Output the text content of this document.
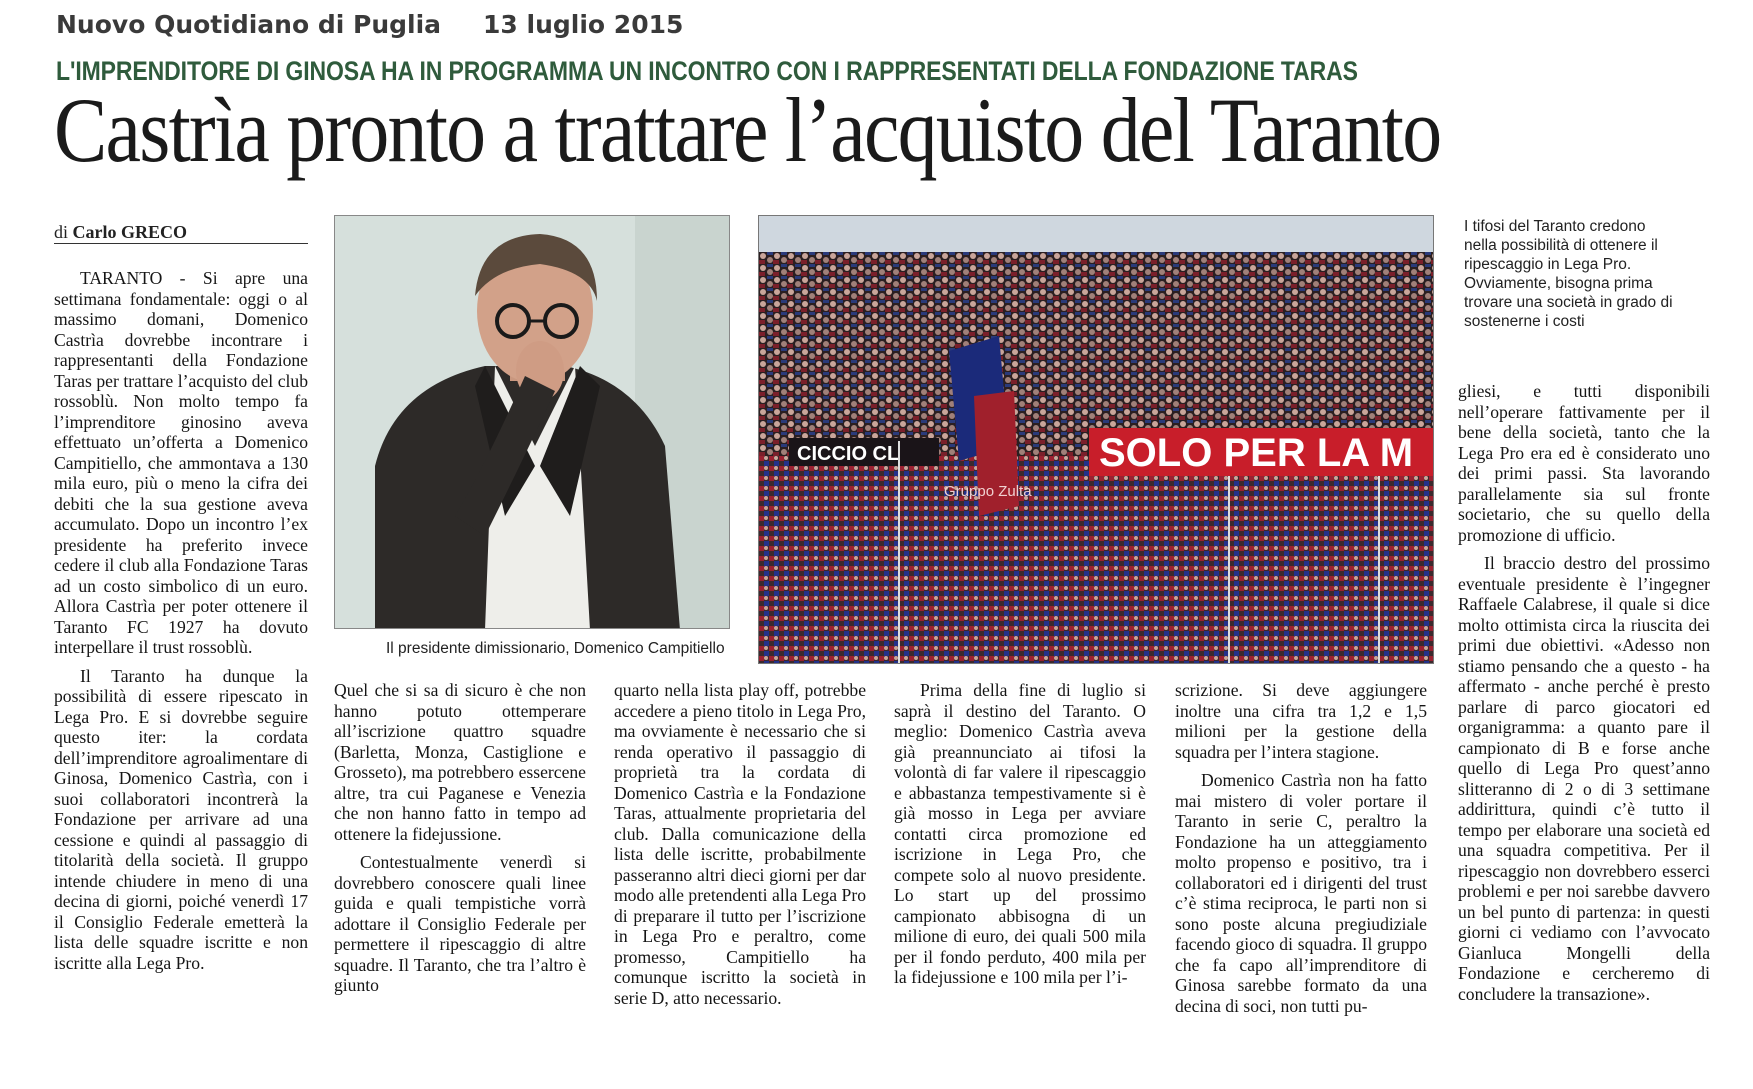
Nuovo Quotidiano di Puglia 13 luglio 2015
L'IMPRENDITORE DI GINOSA HA IN PROGRAMMA UN INCONTRO CON I RAPPRESENTATI DELLA FONDAZIONE TARAS
Castrìa pronto a trattare l’acquisto del Taranto
di Carlo GRECO

TARANTO - Si apre una settimana fondamentale: oggi o al massimo domani, Domenico Castrìa dovrebbe incontrare i rappresentanti della Fondazione Taras per trattare l’acquisto del club rossoblù. Non molto tempo fa l’imprenditore ginosino aveva effettuato un’offerta a Domenico Campitiello, che ammontava a 130 mila euro, più o meno la cifra dei debiti che la sua gestione aveva accumulato. Dopo un incontro l’ex presidente ha preferito invece cedere il club alla Fondazione Taras ad un costo simbolico di un euro. Allora Castrìa per poter ottenere il Taranto FC 1927 ha dovuto interpellare il trust rossoblù.

Il Taranto ha dunque la possibilità di essere ripescato in Lega Pro. E si dovrebbe seguire questo iter: la cordata dell’imprenditore agroalimentare di Ginosa, Domenico Castrìa, con i suoi collaboratori incontrerà la Fondazione per arrivare ad una cessione e quindi al passaggio di titolarità della società. Il gruppo intende chiudere in meno di una decina di giorni, poiché venerdì 17 il Consiglio Federale emetterà la lista delle squadre iscritte e non iscritte alla Lega Pro.

Il presidente dimissionario, Domenico Campitiello
CICCIO CL	SOLO PER LA M
Gruppo Zulta
I tifosi del Taranto credono nella possibilità di ottenere il ripescaggio in Lega Pro. Ovviamente, bisogna prima trovare una società in grado di sostenerne i costi

Quel che si sa di sicuro è che non hanno potuto ottemperare all’iscrizione quattro squadre (Barletta, Monza, Castiglione e Grosseto), ma potrebbero essercene altre, tra cui Paganese e Venezia che non hanno fatto in tempo ad ottenere la fidejussione.

Contestualmente venerdì si dovrebbero conoscere quali linee guida e quali tempistiche vorrà adottare il Consiglio Federale per permettere il ripescaggio di altre squadre. Il Taranto, che tra l’altro è giunto

quarto nella lista play off, potrebbe accedere a pieno titolo in Lega Pro, ma ovviamente è necessario che si renda operativo il passaggio di proprietà tra la cordata di Domenico Castrìa e la Fondazione Taras, attualmente proprietaria del club. Dalla comunicazione della lista delle iscritte, probabilmente passeranno altri dieci giorni per dar modo alle pretendenti alla Lega Pro di preparare il tutto per l’iscrizione in Lega Pro e peraltro, come promesso, Campitiello ha comunque iscritto la società in serie D, atto necessario.

Prima della fine di luglio si saprà il destino del Taranto. O meglio: Domenico Castrìa aveva già preannunciato ai tifosi la volontà di far valere il ripescaggio e abbastanza tempestivamente si è già mosso in Lega per avviare contatti circa promozione ed iscrizione in Lega Pro, che compete solo al nuovo presidente. Lo start up del prossimo campionato abbisogna di un milione di euro, dei quali 500 mila per il fondo perduto, 400 mila per la fidejussione e 100 mila per l’i-

scrizione. Si deve aggiungere inoltre una cifra tra 1,2 e 1,5 milioni per la gestione della squadra per l’intera stagione.

Domenico Castrìa non ha fatto mai mistero di voler portare il Taranto in serie C, peraltro la Fondazione ha un atteggiamento molto propenso e positivo, tra i collaboratori ed i dirigenti del trust c’è stima reciproca, le parti non si sono poste alcuna pregiudiziale facendo gioco di squadra. Il gruppo che fa capo all’imprenditore di Ginosa sarebbe formato da una decina di soci, non tutti pu-

gliesi, e tutti disponibili nell’operare fattivamente per il bene della società, tanto che la Lega Pro era ed è considerato uno dei primi passi. Sta lavorando parallelamente sia sul fronte societario, che su quello della promozione di ufficio.

Il braccio destro del prossimo eventuale presidente è l’ingegner Raffaele Calabrese, il quale si dice molto ottimista circa la riuscita dei primi due obiettivi. «Adesso non stiamo pensando che a questo - ha affermato - anche perché è presto parlare di parco giocatori ed organigramma: a quanto pare il campionato di B e forse anche quello di Lega Pro quest’anno slitteranno di 2 o di 3 settimane addirittura, quindi c’è tutto il tempo per elaborare una società ed una squadra competitiva. Per il ripescaggio non dovrebbero esserci problemi e per noi sarebbe davvero un bel punto di partenza: in questi giorni ci vediamo con l’avvocato Gianluca Mongelli della Fondazione e cercheremo di concludere la transazione».
